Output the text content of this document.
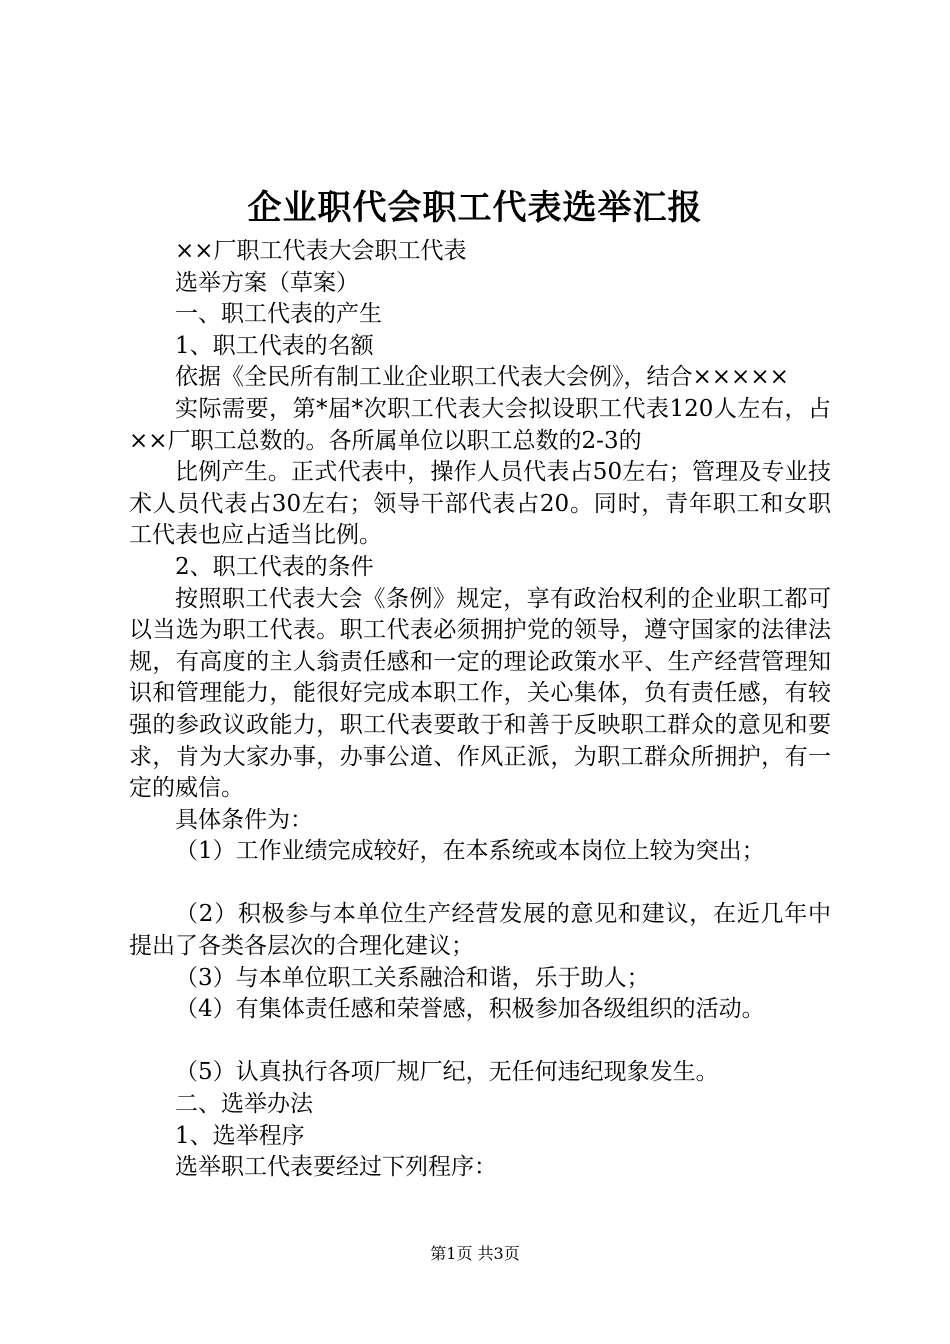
企业职代会职工代表选举汇报

××厂职工代表大会职工代表

选举方案（草案）

一、职工代表的产生

1、职工代表的名额

依据《全民所有制工业企业职工代表大会例》，结合×××××

实际需要，第*届*次职工代表大会拟设职工代表120人左右，占××厂职工总数的。各所属单位以职工总数的2-3的

比例产生。正式代表中，操作人员代表占50左右；管理及专业技术人员代表占30左右；领导干部代表占20。同时，青年职工和女职工代表也应占适当比例。

2、职工代表的条件

按照职工代表大会《条例》规定，享有政治权利的企业职工都可以当选为职工代表。职工代表必须拥护党的领导，遵守国家的法律法规，有高度的主人翁责任感和一定的理论政策水平、生产经营管理知识和管理能力，能很好完成本职工作，关心集体，负有责任感，有较强的参政议政能力，职工代表要敢于和善于反映职工群众的意见和要求，肯为大家办事，办事公道、作风正派，为职工群众所拥护，有一定的威信。

具体条件为：

（1）工作业绩完成较好，在本系统或本岗位上较为突出；

（2）积极参与本单位生产经营发展的意见和建议，在近几年中提出了各类各层次的合理化建议；

（3）与本单位职工关系融洽和谐，乐于助人；

（4）有集体责任感和荣誉感，积极参加各级组织的活动。

（5）认真执行各项厂规厂纪，无任何违纪现象发生。

二、选举办法

1、选举程序

选举职工代表要经过下列程序：

第1页 共3页
